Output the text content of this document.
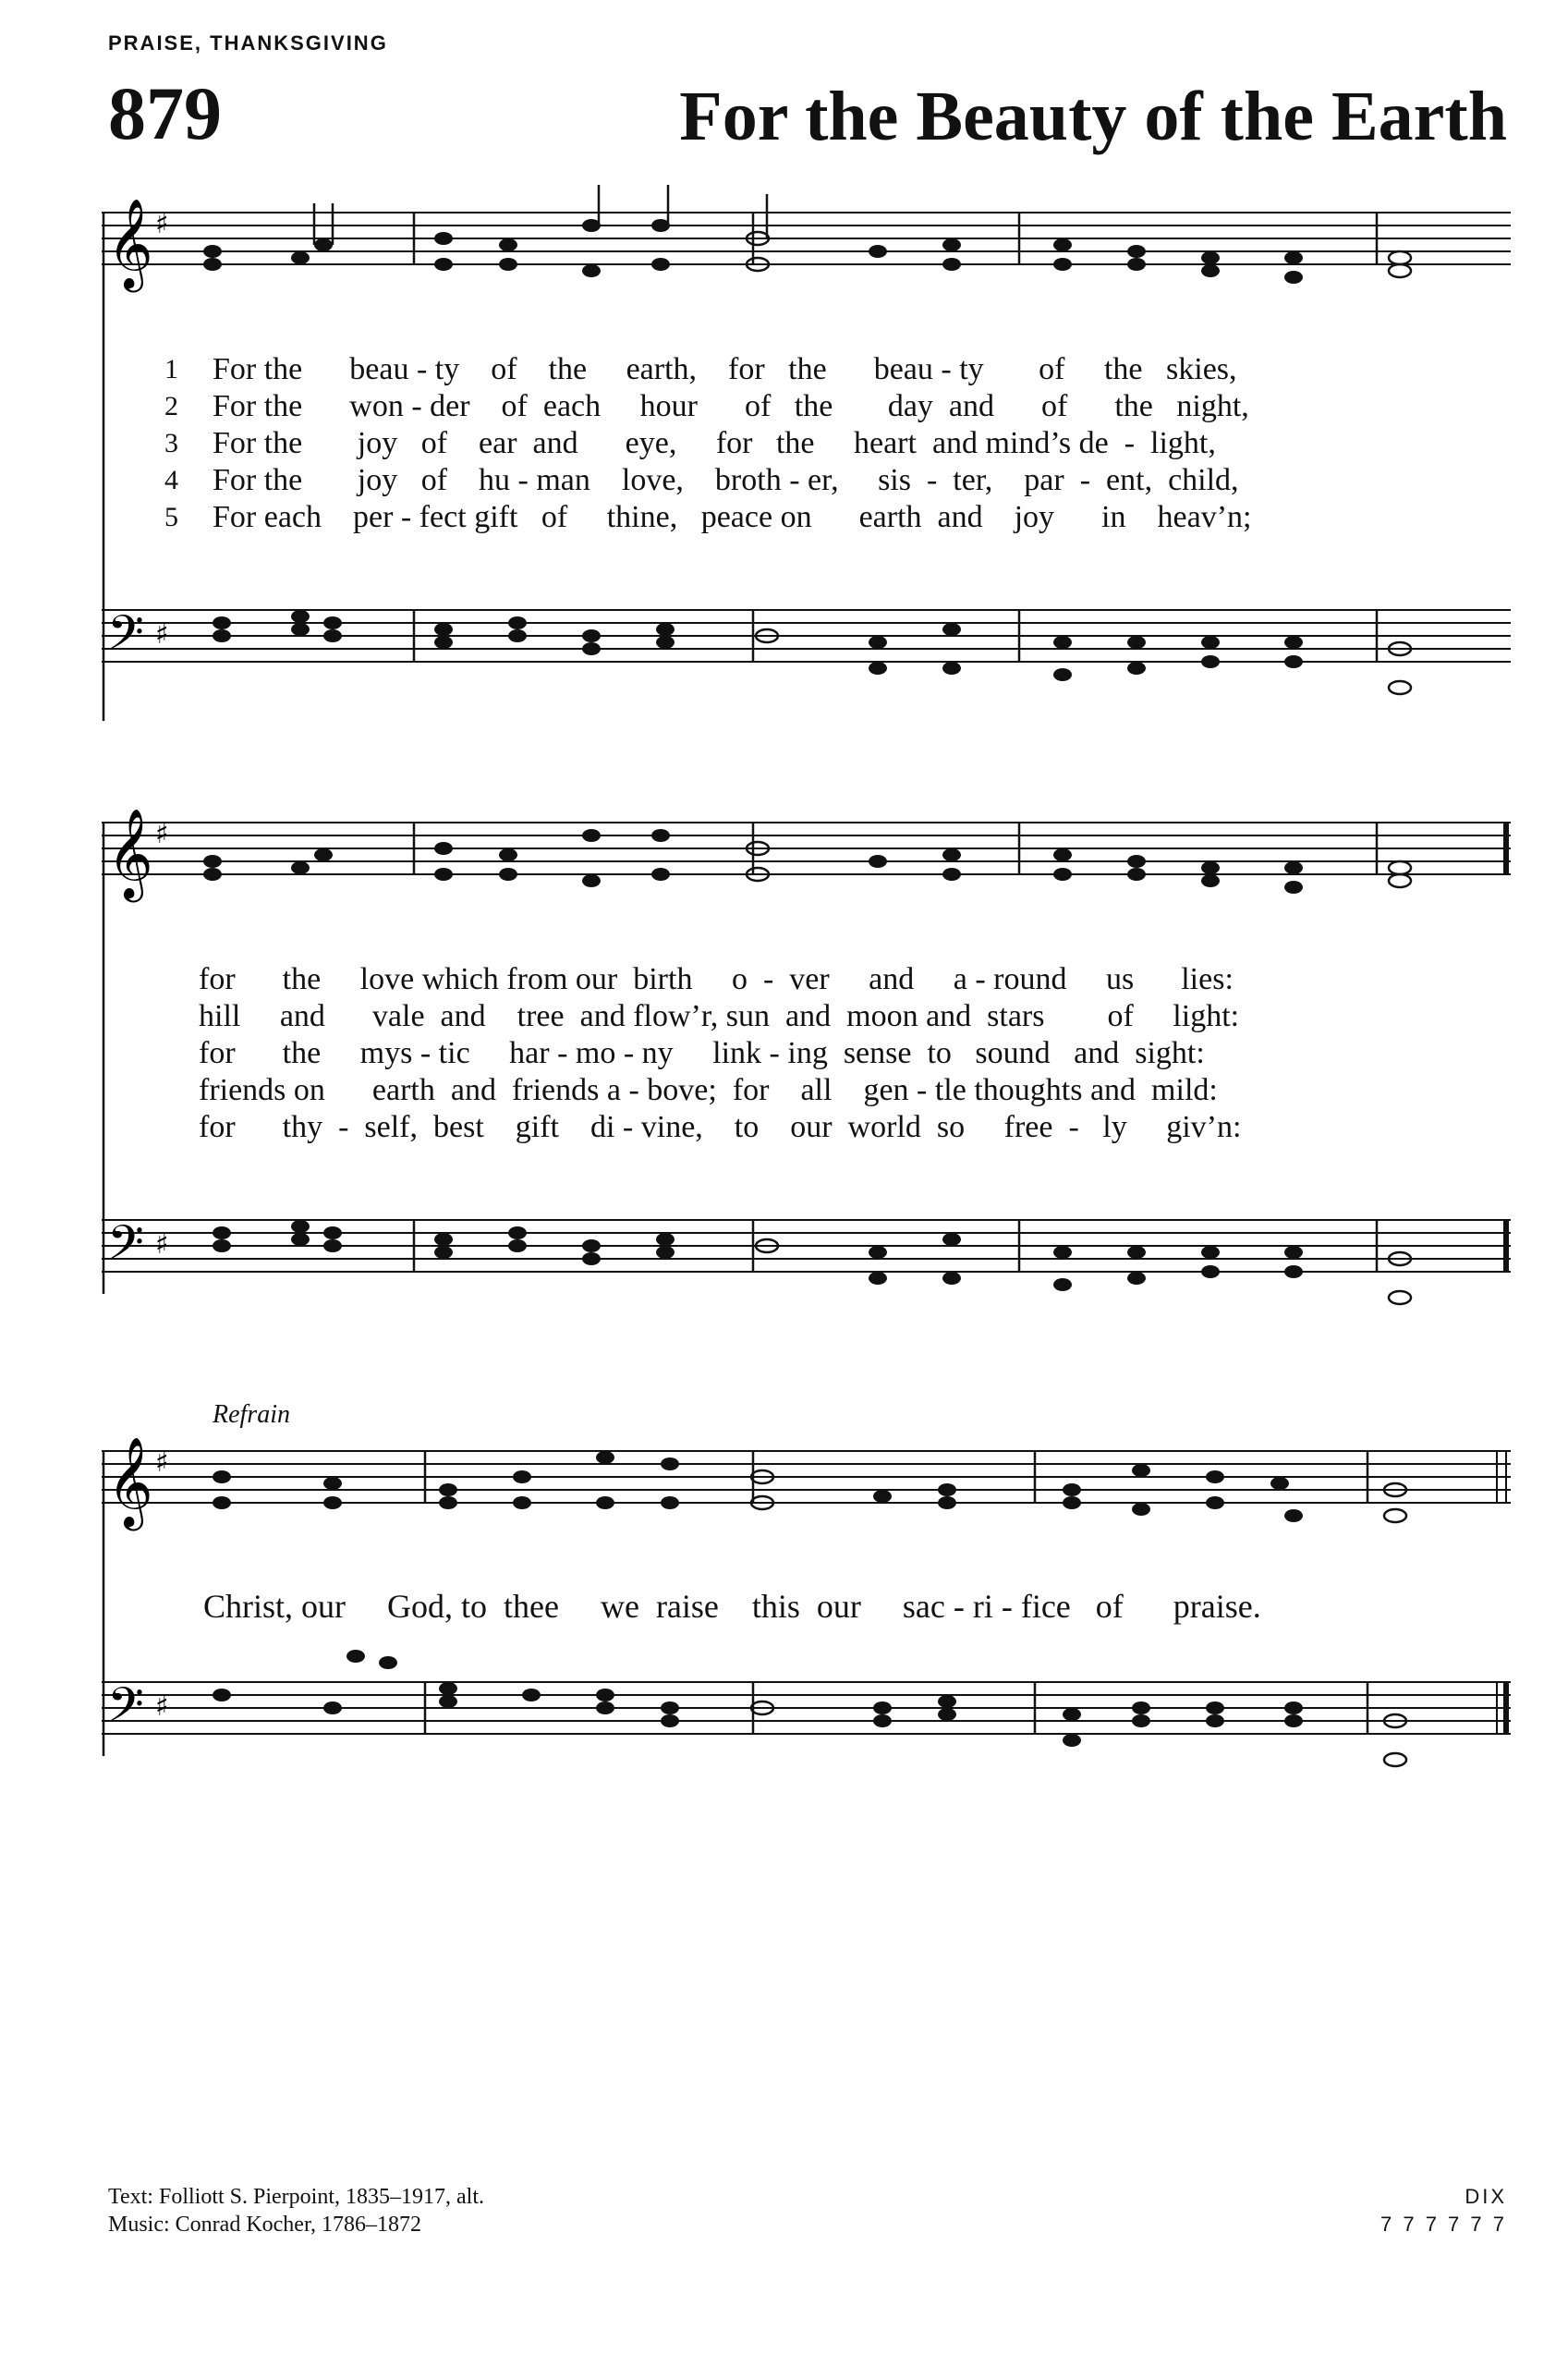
PRAISE, THANKSGIVING
879	For the Beauty of the Earth
𝄞 ♯
1
2
3
4
5
For the      beau - ty    of    the     earth,    for   the      beau - ty       of     the   skies,
For the      won - der    of  each     hour      of   the       day  and      of      the   night,
For the       joy   of    ear  and      eye,     for   the     heart  and mind’s de  -  light,
For the       joy   of    hu - man    love,    broth - er,     sis  -  ter,    par  -  ent,  child,
For each    per - fect gift   of     thine,   peace on      earth  and    joy      in    heav’n;
𝄢 ♯
𝄞 ♯
for      the     love which from our  birth     o  -  ver     and     a - round     us      lies:
hill     and      vale  and    tree  and flow’r, sun  and  moon and  stars        of     light:
for      the     mys - tic     har - mo - ny     link - ing  sense  to   sound   and  sight:
friends on      earth  and  friends a - bove;  for    all    gen - tle thoughts and  mild:
for      thy  -  self,  best    gift    di - vine,    to    our  world  so     free  -   ly     giv’n:
𝄢 ♯
Refrain
𝄞 ♯
Christ, our     God, to  thee     we  raise    this  our     sac - ri - fice   of      praise.
𝄢 ♯
Text: Folliott S. Pierpoint, 1835–1917, alt.
Music: Conrad Kocher, 1786–1872
DIX
7 7 7 7 7 7
